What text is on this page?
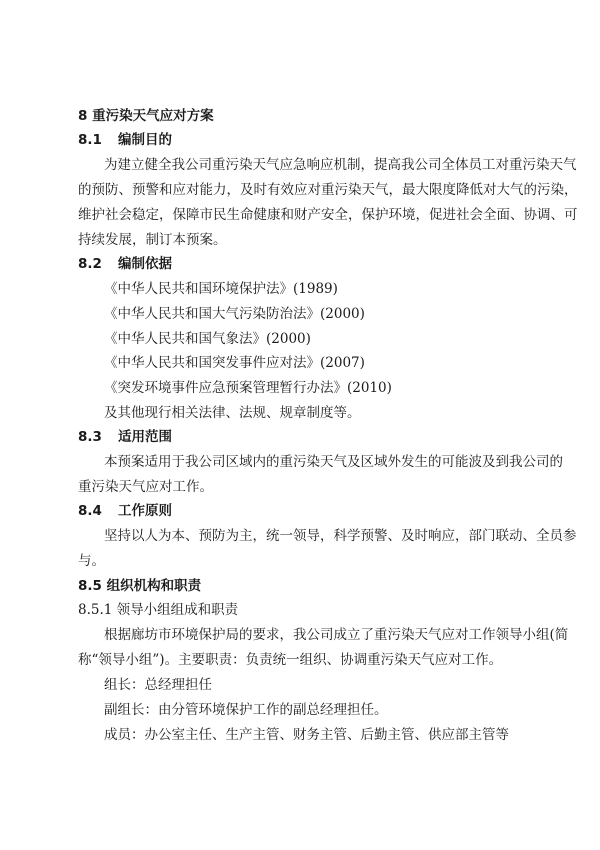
8 重污染天气应对方案
8.1 编制目的
为建立健全我公司重污染天气应急响应机制，提高我公司全体员工对重污染天气
的预防、预警和应对能力，及时有效应对重污染天气，最大限度降低对大气的污染，
维护社会稳定，保障市民生命健康和财产安全，保护环境，促进社会全面、协调、可
持续发展，制订本预案。
8.2 编制依据
《中华人民共和国环境保护法》(1989)
《中华人民共和国大气污染防治法》(2000)
《中华人民共和国气象法》(2000)
《中华人民共和国突发事件应对法》(2007)
《突发环境事件应急预案管理暂行办法》(2010)
及其他现行相关法律、法规、规章制度等。
8.3 适用范围
本预案适用于我公司区域内的重污染天气及区域外发生的可能波及到我公司的
重污染天气应对工作。
8.4 工作原则
坚持以人为本、预防为主，统一领导，科学预警、及时响应，部门联动、全员参
与。
8.5 组织机构和职责
8.5.1 领导小组组成和职责
根据廊坊市环境保护局的要求，我公司成立了重污染天气应对工作领导小组(简
称“领导小组”)。主要职责：负责统一组织、协调重污染天气应对工作。
组长：总经理担任
副组长：由分管环境保护工作的副总经理担任。
成员：办公室主任、生产主管、财务主管、后勤主管、供应部主管等
